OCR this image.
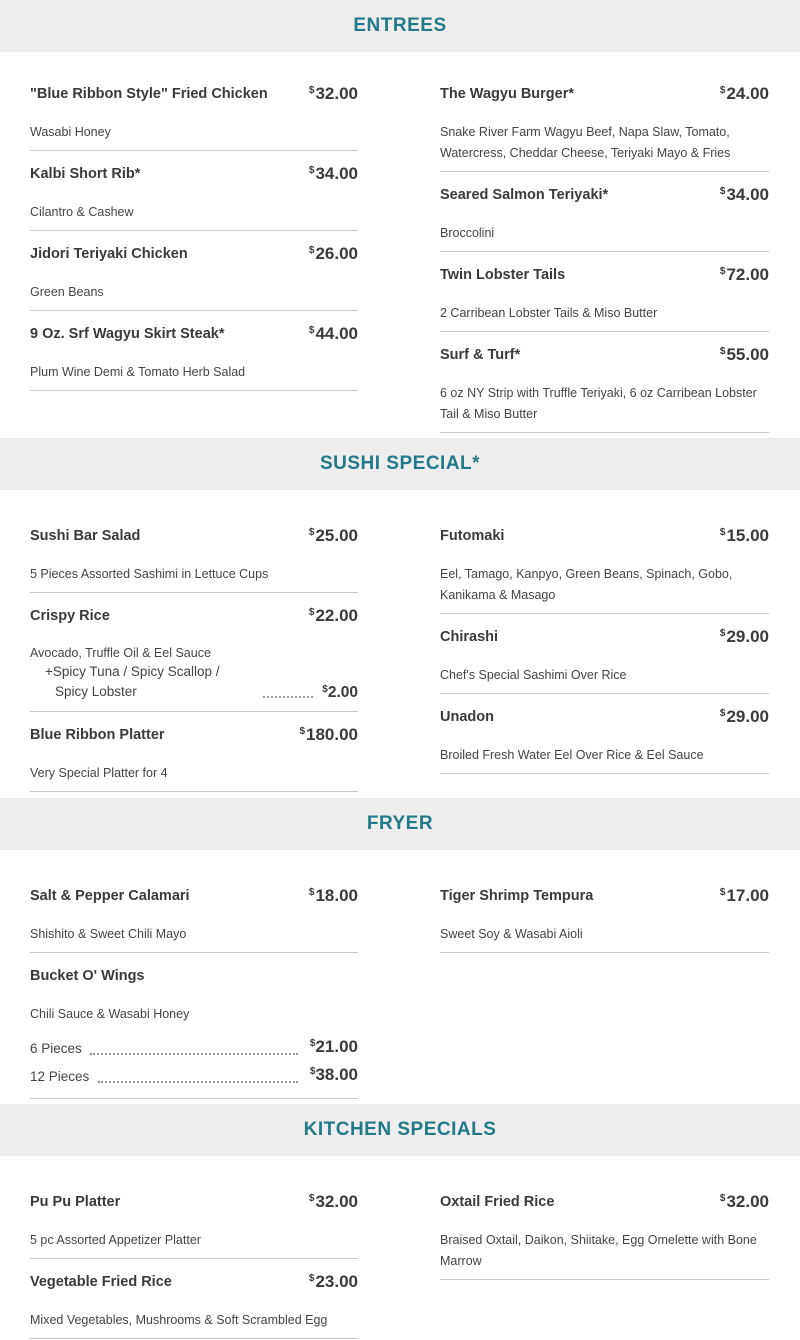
ENTREES
"Blue Ribbon Style" Fried Chicken	$32.00
Wasabi Honey
Kalbi Short Rib*	$34.00
Cilantro & Cashew
Jidori Teriyaki Chicken	$26.00
Green Beans
9 Oz. Srf Wagyu Skirt Steak*	$44.00
Plum Wine Demi & Tomato Herb Salad
The Wagyu Burger*	$24.00
Snake River Farm Wagyu Beef, Napa Slaw, Tomato, Watercress, Cheddar Cheese, Teriyaki Mayo & Fries
Seared Salmon Teriyaki*	$34.00
Broccolini
Twin Lobster Tails	$72.00
2 Carribean Lobster Tails & Miso Butter
Surf & Turf*	$55.00
6 oz NY Strip with Truffle Teriyaki, 6 oz Carribean Lobster Tail & Miso Butter
SUSHI SPECIAL*
Sushi Bar Salad	$25.00
5 Pieces Assorted Sashimi in Lettuce Cups
Crispy Rice	$22.00
Avocado, Truffle Oil & Eel Sauce
+Spicy Tuna / Spicy Scallop /
Spicy Lobster	$2.00
Blue Ribbon Platter	$180.00
Very Special Platter for 4
Futomaki	$15.00
Eel, Tamago, Kanpyo, Green Beans, Spinach, Gobo, Kanikama & Masago
Chirashi	$29.00
Chef's Special Sashimi Over Rice
Unadon	$29.00
Broiled Fresh Water Eel Over Rice & Eel Sauce
FRYER
Salt & Pepper Calamari	$18.00
Shishito & Sweet Chili Mayo
Bucket O' Wings
Chili Sauce & Wasabi Honey
6 Pieces	$21.00
12 Pieces	$38.00
Tiger Shrimp Tempura	$17.00
Sweet Soy & Wasabi Aioli
KITCHEN SPECIALS
Pu Pu Platter	$32.00
5 pc Assorted Appetizer Platter
Vegetable Fried Rice	$23.00
Mixed Vegetables, Mushrooms & Soft Scrambled Egg
Oxtail Fried Rice	$32.00
Braised Oxtail, Daikon, Shiitake, Egg Omelette with Bone Marrow
